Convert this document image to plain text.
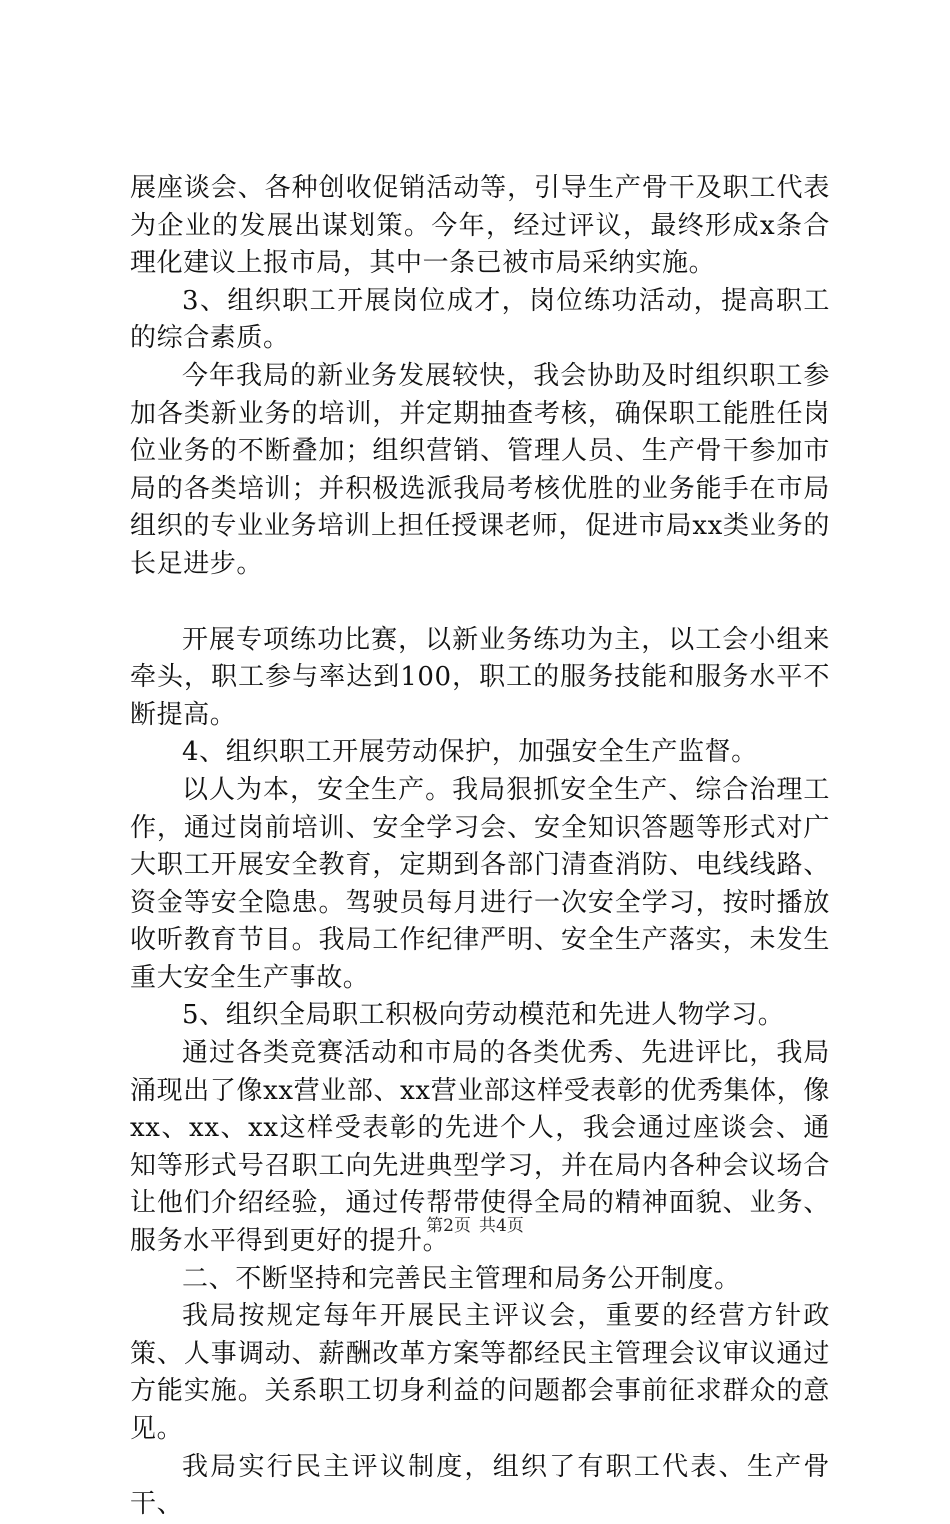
展座谈会、各种创收促销活动等，引导生产骨干及职工代表为企业的发展出谋划策。今年，经过评议，最终形成x条合理化建议上报市局，其中一条已被市局采纳实施。

3、组织职工开展岗位成才，岗位练功活动，提高职工的综合素质。

今年我局的新业务发展较快，我会协助及时组织职工参加各类新业务的培训，并定期抽查考核，确保职工能胜任岗位业务的不断叠加；组织营销、管理人员、生产骨干参加市局的各类培训；并积极选派我局考核优胜的业务能手在市局组织的专业业务培训上担任授课老师，促进市局xx类业务的长足进步。

开展专项练功比赛，以新业务练功为主，以工会小组来牵头，职工参与率达到100，职工的服务技能和服务水平不断提高。

4、组织职工开展劳动保护，加强安全生产监督。

以人为本，安全生产。我局狠抓安全生产、综合治理工作，通过岗前培训、安全学习会、安全知识答题等形式对广大职工开展安全教育，定期到各部门清查消防、电线线路、资金等安全隐患。驾驶员每月进行一次安全学习，按时播放收听教育节目。我局工作纪律严明、安全生产落实，未发生重大安全生产事故。

5、组织全局职工积极向劳动模范和先进人物学习。

通过各类竞赛活动和市局的各类优秀、先进评比，我局涌现出了像xx营业部、xx营业部这样受表彰的优秀集体，像xx、xx、xx这样受表彰的先进个人，我会通过座谈会、通知等形式号召职工向先进典型学习，并在局内各种会议场合让他们介绍经验，通过传帮带使得全局的精神面貌、业务、服务水平得到更好的提升。

二、不断坚持和完善民主管理和局务公开制度。

我局按规定每年开展民主评议会，重要的经营方针政策、人事调动、薪酬改革方案等都经民主管理会议审议通过方能实施。关系职工切身利益的问题都会事前征求群众的意见。

我局实行民主评议制度，组织了有职工代表、生产骨干、

第2页 共4页
